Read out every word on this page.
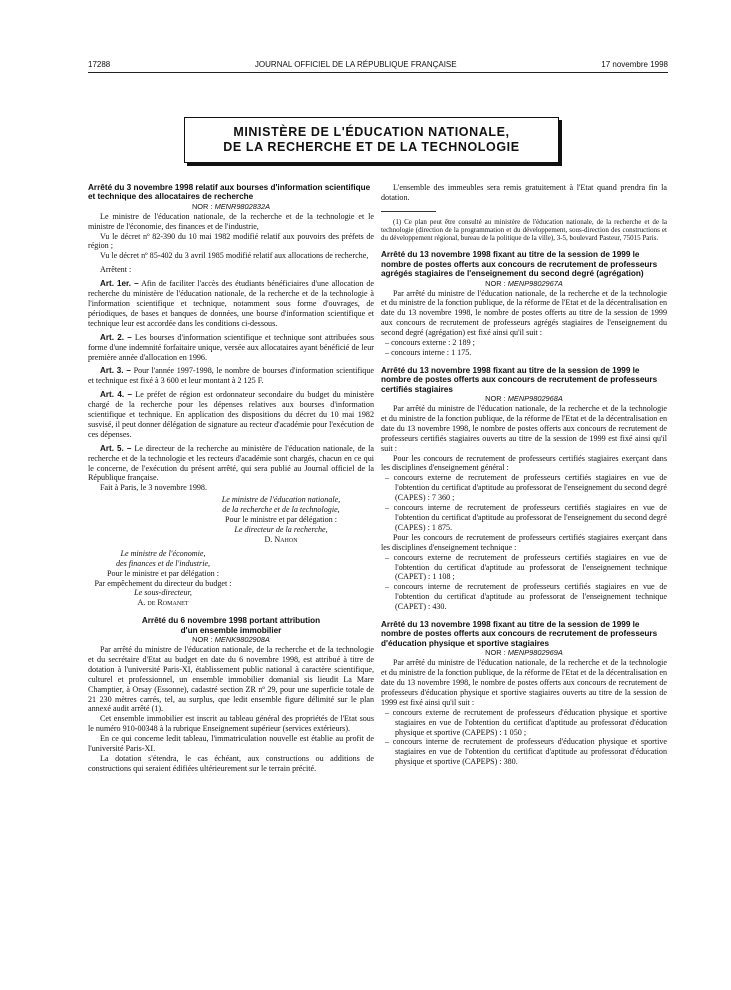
17288	JOURNAL OFFICIEL DE LA RÉPUBLIQUE FRANÇAISE	17 novembre 1998
MINISTÈRE DE L'ÉDUCATION NATIONALE,
DE LA RECHERCHE ET DE LA TECHNOLOGIE

Arrêté du 3 novembre 1998 relatif aux bourses d'information scientifique et technique des allocataires de recherche

NOR : MENR9802832A

Le ministre de l'éducation nationale, de la recherche et de la technologie et le ministre de l'économie, des finances et de l'industrie,

Vu le décret nº 82-390 du 10 mai 1982 modifié relatif aux pouvoirs des préfets de région ;

Vu le décret nº 85-402 du 3 avril 1985 modifié relatif aux allocations de recherche,

Arrêtent :

Art. 1er. – Afin de faciliter l'accès des étudiants bénéficiaires d'une allocation de recherche du ministère de l'éducation nationale, de la recherche et de la technologie à l'information scientifique et technique, notamment sous forme d'ouvrages, de périodiques, de bases et banques de données, une bourse d'information scientifique et technique leur est accordée dans les conditions ci-dessous.

Art. 2. – Les bourses d'information scientifique et technique sont attribuées sous forme d'une indemnité forfaitaire unique, versée aux allocataires ayant bénéficié de leur première année d'allocation en 1996.

Art. 3. – Pour l'année 1997-1998, le nombre de bourses d'information scientifique et technique est fixé à 3 600 et leur montant à 2 125 F.

Art. 4. – Le préfet de région est ordonnateur secondaire du budget du ministère chargé de la recherche pour les dépenses relatives aux bourses d'information scientifique et technique. En application des dispositions du décret du 10 mai 1982 susvisé, il peut donner délégation de signature au recteur d'académie pour l'exécution de ces dépenses.

Art. 5. – Le directeur de la recherche au ministère de l'éducation nationale, de la recherche et de la technologie et les recteurs d'académie sont chargés, chacun en ce qui le concerne, de l'exécution du présent arrêté, qui sera publié au Journal officiel de la République française.

Fait à Paris, le 3 novembre 1998.

Le ministre de l'éducation nationale,

de la recherche et de la technologie,

Pour le ministre et par délégation :

Le directeur de la recherche,

D. Nahon

Le ministre de l'économie,

des finances et de l'industrie,

Pour le ministre et par délégation :

Par empêchement du directeur du budget :

Le sous-directeur,

A. de Romanet

Arrêté du 6 novembre 1998 portant attribution

d'un ensemble immobilier

NOR : MENK9802908A

Par arrêté du ministre de l'éducation nationale, de la recherche et de la technologie et du secrétaire d'Etat au budget en date du 6 novembre 1998, est attribué à titre de dotation à l'université Paris-XI, établissement public national à caractère scientifique, culturel et professionnel, un ensemble immobilier domanial sis lieudit La Mare Champtier, à Orsay (Essonne), cadastré section ZR nº 29, pour une superficie totale de 21 230 mètres carrés, tel, au surplus, que ledit ensemble figure délimité sur le plan annexé audit arrêté (1).

Cet ensemble immobilier est inscrit au tableau général des propriétés de l'Etat sous le numéro 910-00348 à la rubrique Enseignement supérieur (services extérieurs).

En ce qui concerne ledit tableau, l'immatriculation nouvelle est établie au profit de l'université Paris-XI.

La dotation s'étendra, le cas échéant, aux constructions ou additions de constructions qui seraient édifiées ultérieurement sur le terrain précité.

L'ensemble des immeubles sera remis gratuitement à l'Etat quand prendra fin la dotation.

(1) Ce plan peut être consulté au ministère de l'éducation nationale, de la recherche et de la technologie (direction de la programmation et du développement, sous-direction des constructions et du développement régional, bureau de la politique de la ville), 3-5, boulevard Pasteur, 75015 Paris.

Arrêté du 13 novembre 1998 fixant au titre de la session de 1999 le nombre de postes offerts aux concours de recrutement de professeurs agrégés stagiaires de l'enseignement du second degré (agrégation)

NOR : MENP9802967A

Par arrêté du ministre de l'éducation nationale, de la recherche et de la technologie et du ministre de la fonction publique, de la réforme de l'Etat et de la décentralisation en date du 13 novembre 1998, le nombre de postes offerts au titre de la session de 1999 aux concours de recrutement de professeurs agrégés stagiaires de l'enseignement du second degré (agrégation) est fixé ainsi qu'il suit :

– concours externe : 2 189 ;

– concours interne : 1 175.

Arrêté du 13 novembre 1998 fixant au titre de la session de 1999 le nombre de postes offerts aux concours de recrutement de professeurs certifiés stagiaires

NOR : MENP9802968A

Par arrêté du ministre de l'éducation nationale, de la recherche et de la technologie et du ministre de la fonction publique, de la réforme de l'Etat et de la décentralisation en date du 13 novembre 1998, le nombre de postes offerts aux concours de recrutement de professeurs certifiés stagiaires ouverts au titre de la session de 1999 est fixé ainsi qu'il suit :

Pour les concours de recrutement de professeurs certifiés stagiaires exerçant dans les disciplines d'enseignement général :

– concours externe de recrutement de professeurs certifiés stagiaires en vue de l'obtention du certificat d'aptitude au professorat de l'enseignement du second degré (CAPES) : 7 360 ;

– concours interne de recrutement de professeurs certifiés stagiaires en vue de l'obtention du certificat d'aptitude au professorat de l'enseignement du second degré (CAPES) : 1 875.

Pour les concours de recrutement de professeurs certifiés stagiaires exerçant dans les disciplines d'enseignement technique :

– concours externe de recrutement de professeurs certifiés stagiaires en vue de l'obtention du certificat d'aptitude au professorat de l'enseignement technique (CAPET) : 1 108 ;

– concours interne de recrutement de professeurs certifiés stagiaires en vue de l'obtention du certificat d'aptitude au professorat de l'enseignement technique (CAPET) : 430.

Arrêté du 13 novembre 1998 fixant au titre de la session de 1999 le nombre de postes offerts aux concours de recrutement de professeurs d'éducation physique et sportive stagiaires

NOR : MENP9802969A

Par arrêté du ministre de l'éducation nationale, de la recherche et de la technologie et du ministre de la fonction publique, de la réforme de l'Etat et de la décentralisation en date du 13 novembre 1998, le nombre de postes offerts aux concours de recrutement de professeurs d'éducation physique et sportive stagiaires ouverts au titre de la session de 1999 est fixé ainsi qu'il suit :

– concours externe de recrutement de professeurs d'éducation physique et sportive stagiaires en vue de l'obtention du certificat d'aptitude au professorat d'éducation physique et sportive (CAPEPS) : 1 050 ;

– concours interne de recrutement de professeurs d'éducation physique et sportive stagiaires en vue de l'obtention du certificat d'aptitude au professorat d'éducation physique et sportive (CAPEPS) : 380.
